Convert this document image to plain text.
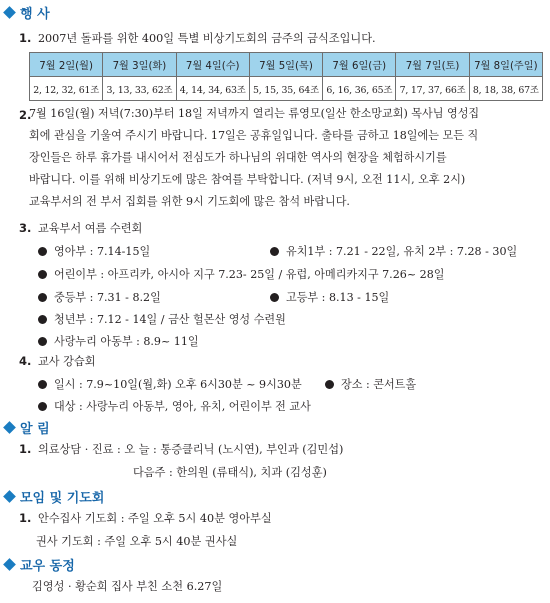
행 사
1. 2007년 돌파를 위한 400일 특별 비상기도회의 금주의 금식조입니다.
7월 2일(월)	7월 3일(화)	7월 4일(수)	7월 5일(목)	7월 6일(금)	7월 7일(토)	7월 8일(주일)
2, 12, 32, 61조	3, 13, 33, 62조	4, 14, 34, 63조	5, 15, 35, 64조	6, 16, 36, 65조	7, 17, 37, 66조	8, 18, 38, 67조
2.
7월 16일(월) 저녁(7:30)부터 18일 저녁까지 열리는 류영모(일산 한소망교회) 목사님 영성집
회에 관심을 기울여 주시기 바랍니다. 17일은 공휴일입니다. 출타를 금하고 18일에는 모든 직
장인들은 하루 휴가를 내시어서 전심도가 하나님의 위대한 역사의 현장을 체험하시기를
바랍니다. 이를 위해 비상기도에 많은 참여를 부탁합니다. (저녁 9시, 오전 11시, 오후 2시)
교육부서의 전 부서 집회를 위한 9시 기도회에 많은 참석 바랍니다.
3. 교육부서 여름 수련회
영아부 : 7.14-15일	유치1부 : 7.21 - 22일, 유치 2부 : 7.28 - 30일
어린이부 : 아프리카, 아시아 지구 7.23- 25일 / 유럽, 아메리카지구 7.26~ 28일
중등부 : 7.31 - 8.2일	고등부 : 8.13 - 15일
청년부 : 7.12 - 14일 / 금산 헐몬산 영성 수련원
사랑누리 아동부 : 8.9~ 11일
4. 교사 강습회
일시 : 7.9~10일(월,화) 오후 6시30분 ~ 9시30분	장소 : 콘서트홀
대상 : 사랑누리 아동부, 영아, 유치, 어린이부 전 교사
알 림
1. 의료상담 · 진료 : 오 늘 : 통증클리닉 (노시연), 부인과 (김민섭)
다음주 : 한의원 (류태식), 치과 (김성훈)
모임 및 기도회
1. 안수집사 기도회 : 주일 오후 5시 40분 영아부실
권사 기도회 : 주일 오후 5시 40분 권사실
교우 동정
김영성 · 황순희 집사 부친 소천 6.27일
